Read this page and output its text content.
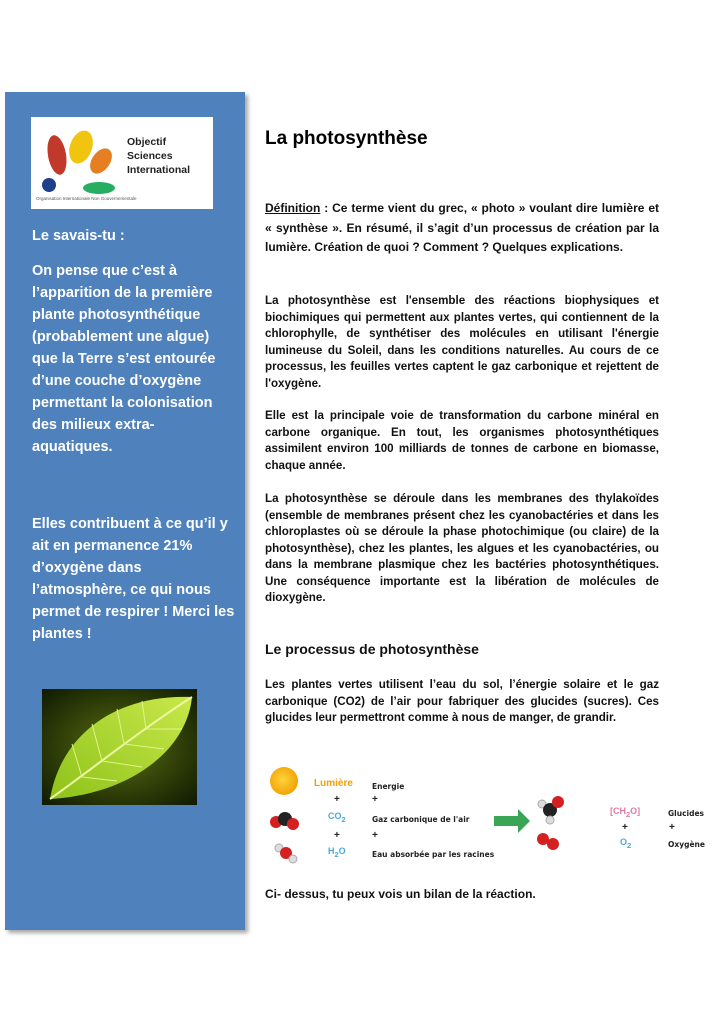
Objectif
Sciences
International
Organisation Internationale Non Gouvernementale

Le savais-tu :

On pense que c’est à l’apparition de la première plante photosynthétique (probablement une algue) que la Terre s’est entourée d’une couche d’oxygène permettant la colonisation des milieux extra-aquatiques.

Elles contribuent à ce qu’il y ait en permanence 21% d’oxygène dans l’atmosphère, ce qui nous permet de respirer ! Merci les plantes !

La photosynthèse

Définition : Ce terme vient du grec, « photo » voulant dire lumière et « synthèse ». En résumé, il s’agit d’un processus de création par la lumière. Création de quoi ? Comment ? Quelques explications.

La photosynthèse est l'ensemble des réactions biophysiques et biochimiques qui permettent aux plantes vertes, qui contiennent de la chlorophylle, de synthétiser des molécules en utilisant l'énergie lumineuse du Soleil, dans les conditions naturelles. Au cours de ce processus, les feuilles vertes captent le gaz carbonique et rejettent de l'oxygène.

Elle est la principale voie de transformation du carbone minéral en carbone organique. En tout, les organismes photosynthétiques assimilent environ 100 milliards de tonnes de carbone en biomasse, chaque année.

La photosynthèse se déroule dans les membranes des thylakoïdes (ensemble de membranes présent chez les cyanobactéries et dans les chloroplastes où se déroule la phase photochimique (ou claire) de la photosynthèse), chez les plantes, les algues et les cyanobactéries, ou dans la membrane plasmique chez les bactéries photosynthétiques. Une conséquence importante est la libération de molécules de dioxygène.

Le processus de photosynthèse

Les plantes vertes utilisent l’eau du sol, l’énergie solaire et le gaz carbonique (CO2) de l’air pour fabriquer des glucides (sucres). Ces glucides leur permettront comme à nous de manger, de grandir.

Lumière
+
$CO_2$
+
$H_2O$
Energie
+
Gaz carbonique de l'air
+
Eau absorbée par les racines
$[CH_2O]$
+
$O_2$
Glucides
+
Oxygène
Ci- dessus, tu peux vois un bilan de la réaction.
